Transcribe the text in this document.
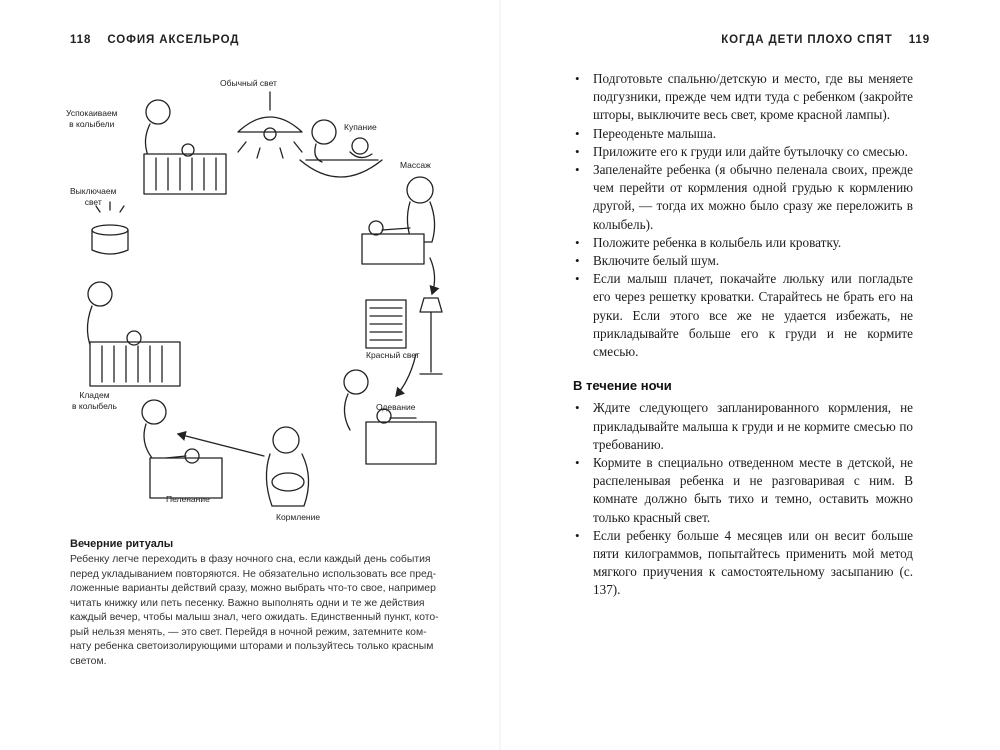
118 СОФИЯ АКСЕЛЬРОД
Обычный свет
Купание
Массаж
Успокаиваем
в колыбели
Выключаем
свет
Красный свет
Одевание
Кладем
в колыбель
Пеленание
Кормление
Вечерние ритуалы

Ребенку легче переходить в фазу ночного сна, если каждый день события
перед укладыванием повторяются. Не обязательно использовать все пред-
ложенные варианты действий сразу, можно выбрать что-то свое, например
читать книжку или петь песенку. Важно выполнять одни и те же действия
каждый вечер, чтобы малыш знал, чего ожидать. Единственный пункт, кото-
рый нельзя менять, — это свет. Перейдя в ночной режим, затемните ком-
нату ребенка светоизолирующими шторами и пользуйтесь только красным
светом.

КОГДА ДЕТИ ПЛОХО СПЯТ 119
• Подготовьте спальню/детскую и место, где вы меняете подгузники, прежде чем идти туда с ребенком (закройте шторы, выключите весь свет, кроме красной лампы).
• Переоденьте малыша.
• Приложите его к груди или дайте бутылочку со смесью.
• Запеленайте ребенка (я обычно пеленала своих, прежде чем перейти от кормления одной грудью к кормлению другой, — тогда их можно было сразу же переложить в колыбель).
• Положите ребенка в колыбель или кроватку.
• Включите белый шум.
• Если малыш плачет, покачайте люльку или погладьте его через решетку кроватки. Старайтесь не брать его на руки. Если этого все же не удается избежать, не прикладывайте больше его к груди и не кормите смесью.
В течение ночи
• Ждите следующего запланированного кормления, не прикладывайте малыша к груди и не кормите смесью по требованию.
• Кормите в специально отведенном месте в детской, не распеленывая ребенка и не разговаривая с ним. В комнате должно быть тихо и темно, оставить можно только красный свет.
• Если ребенку больше 4 месяцев или он весит больше пяти килограммов, попытайтесь применить мой метод мягкого приучения к самостоятельному засыпанию (с. 137).
